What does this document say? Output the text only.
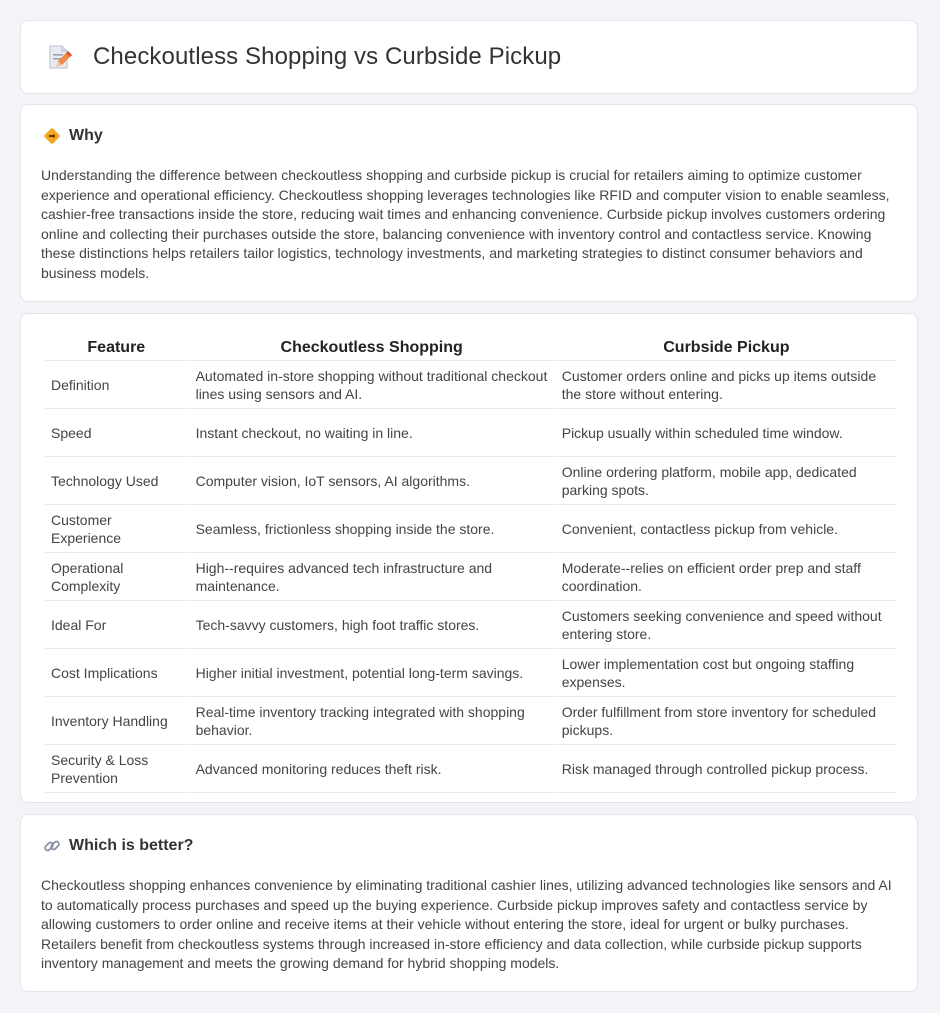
Checkoutless Shopping vs Curbside Pickup
Why

Understanding the difference between checkoutless shopping and curbside pickup is crucial for retailers aiming to optimize customer experience and operational efficiency. Checkoutless shopping leverages technologies like RFID and computer vision to enable seamless, cashier-free transactions inside the store, reducing wait times and enhancing convenience. Curbside pickup involves customers ordering online and collecting their purchases outside the store, balancing convenience with inventory control and contactless service. Knowing these distinctions helps retailers tailor logistics, technology investments, and marketing strategies to distinct consumer behaviors and business models.

Feature	Checkoutless Shopping	Curbside Pickup
Definition	Automated in-store shopping without traditional checkout lines using sensors and AI.	Customer orders online and picks up items outside the store without entering.
Speed	Instant checkout, no waiting in line.	Pickup usually within scheduled time window.
Technology Used	Computer vision, IoT sensors, AI algorithms.	Online ordering platform, mobile app, dedicated parking spots.
Customer Experience	Seamless, frictionless shopping inside the store.	Convenient, contactless pickup from vehicle.
Operational Complexity	High--requires advanced tech infrastructure and maintenance.	Moderate--relies on efficient order prep and staff coordination.
Ideal For	Tech-savvy customers, high foot traffic stores.	Customers seeking convenience and speed without entering store.
Cost Implications	Higher initial investment, potential long-term savings.	Lower implementation cost but ongoing staffing expenses.
Inventory Handling	Real-time inventory tracking integrated with shopping behavior.	Order fulfillment from store inventory for scheduled pickups.
Security & Loss Prevention	Advanced monitoring reduces theft risk.	Risk managed through controlled pickup process.
Which is better?

Checkoutless shopping enhances convenience by eliminating traditional cashier lines, utilizing advanced technologies like sensors and AI to automatically process purchases and speed up the buying experience. Curbside pickup improves safety and contactless service by allowing customers to order online and receive items at their vehicle without entering the store, ideal for urgent or bulky purchases. Retailers benefit from checkoutless systems through increased in-store efficiency and data collection, while curbside pickup supports inventory management and meets the growing demand for hybrid shopping models.
